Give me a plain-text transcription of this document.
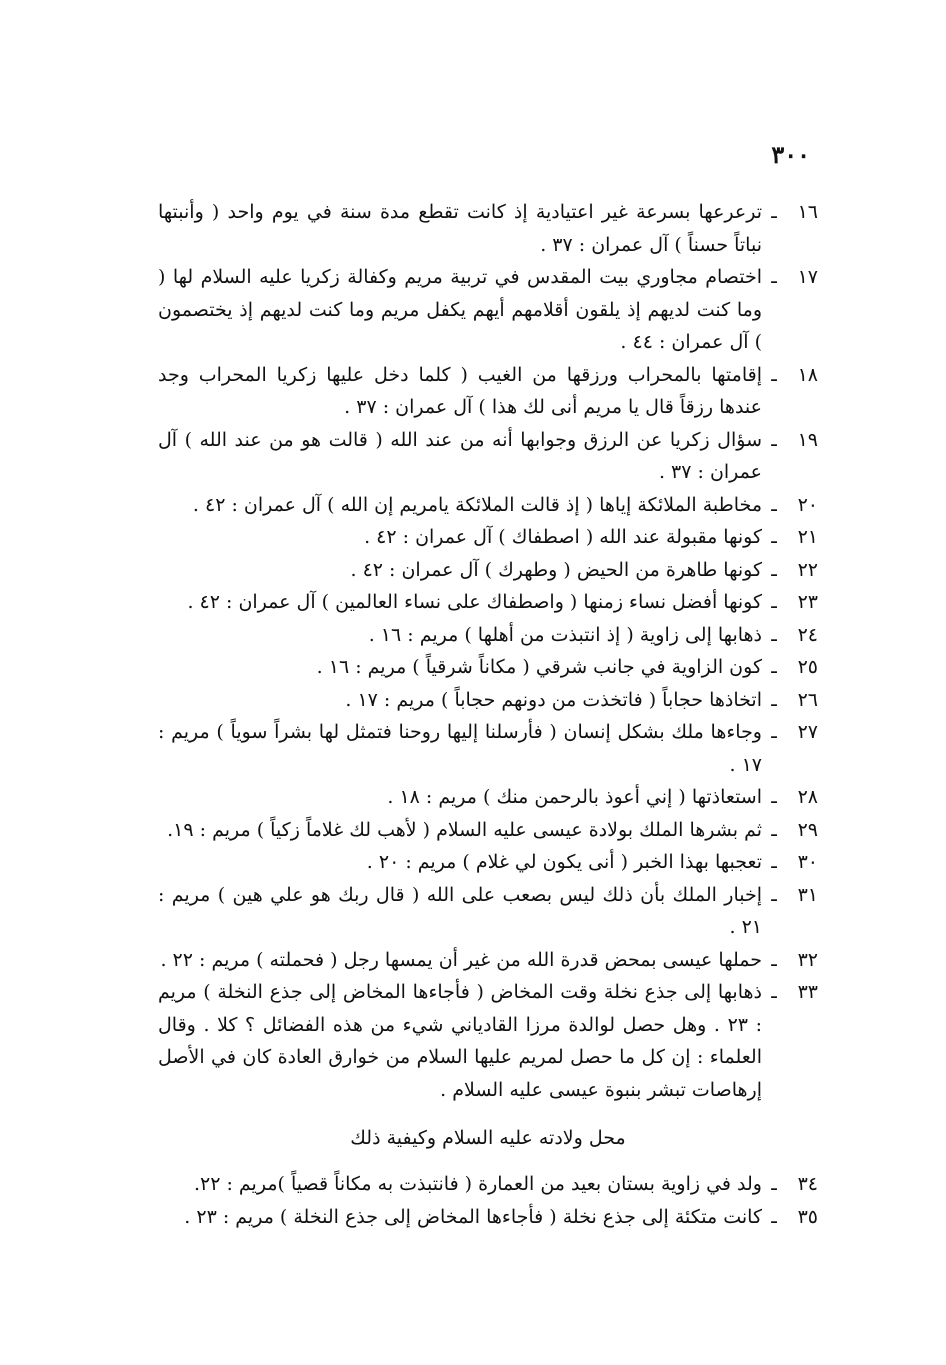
٣٠٠
١٦
ـ
ترعرعها بسرعة غير اعتيادية إذ كانت تقطع مدة سنة في يوم واحد ( وأنبتها نباتاً حسناً ) آل عمران : ٣٧ .
١٧
ـ
اختصام مجاوري بيت المقدس في تربية مريم وكفالة زكريا عليه السلام لها ( وما كنت لديهم إذ يلقون أقلامهم أيهم يكفل مريم وما كنت لديهم إذ يختصمون ) آل عمران : ٤٤ .
١٨
ـ
إقامتها بالمحراب ورزقها من الغيب ( كلما دخل عليها زكريا المحراب وجد عندها رزقاً قال يا مريم أنى لك هذا ) آل عمران : ٣٧ .
١٩
ـ
سؤال زكريا عن الرزق وجوابها أنه من عند الله ( قالت هو من عند الله ) آل عمران : ٣٧ .
٢٠
ـ
مخاطبة الملائكة إياها ( إذ قالت الملائكة يامريم إن الله ) آل عمران : ٤٢ .
٢١
ـ
كونها مقبولة عند الله ( اصطفاك ) آل عمران : ٤٢ .
٢٢
ـ
كونها طاهرة من الحيض ( وطهرك ) آل عمران : ٤٢ .
٢٣
ـ
كونها أفضل نساء زمنها ( واصطفاك على نساء العالمين ) آل عمران : ٤٢ .
٢٤
ـ
ذهابها إلى زاوية ( إذ انتبذت من أهلها ) مريم : ١٦ .
٢٥
ـ
كون الزاوية في جانب شرقي ( مكاناً شرقياً ) مريم : ١٦ .
٢٦
ـ
اتخاذها حجاباً ( فاتخذت من دونهم حجاباً ) مريم : ١٧ .
٢٧
ـ
وجاءها ملك بشكل إنسان ( فأرسلنا إليها روحنا فتمثل لها بشراً سوياً ) مريم : ١٧ .
٢٨
ـ
استعاذتها ( إني أعوذ بالرحمن منك ) مريم : ١٨ .
٢٩
ـ
ثم بشرها الملك بولادة عيسى عليه السلام ( لأهب لك غلاماً زكياً ) مريم : ١٩.
٣٠
ـ
تعجبها بهذا الخبر ( أنى يكون لي غلام ) مريم : ٢٠ .
٣١
ـ
إخبار الملك بأن ذلك ليس بصعب على الله ( قال ربك هو علي هين ) مريم : ٢١ .
٣٢
ـ
حملها عيسى بمحض قدرة الله من غير أن يمسها رجل ( فحملته ) مريم : ٢٢ .
٣٣
ـ
ذهابها إلى جذع نخلة وقت المخاض ( فأجاءها المخاض إلى جذع النخلة ) مريم : ٢٣ . وهل حصل لوالدة مرزا القادياني شيء من هذه الفضائل ؟ كلا . وقال العلماء : إن كل ما حصل لمريم عليها السلام من خوارق العادة كان في الأصل إرهاصات تبشر بنبوة عيسى عليه السلام .
محل ولادته عليه السلام وكيفية ذلك
٣٤
ـ
ولد في زاوية بستان بعيد من العمارة ( فانتبذت به مكاناً قصياً )مريم : ٢٢.
٣٥
ـ
كانت متكئة إلى جذع نخلة ( فأجاءها المخاض إلى جذع النخلة ) مريم : ٢٣ .
